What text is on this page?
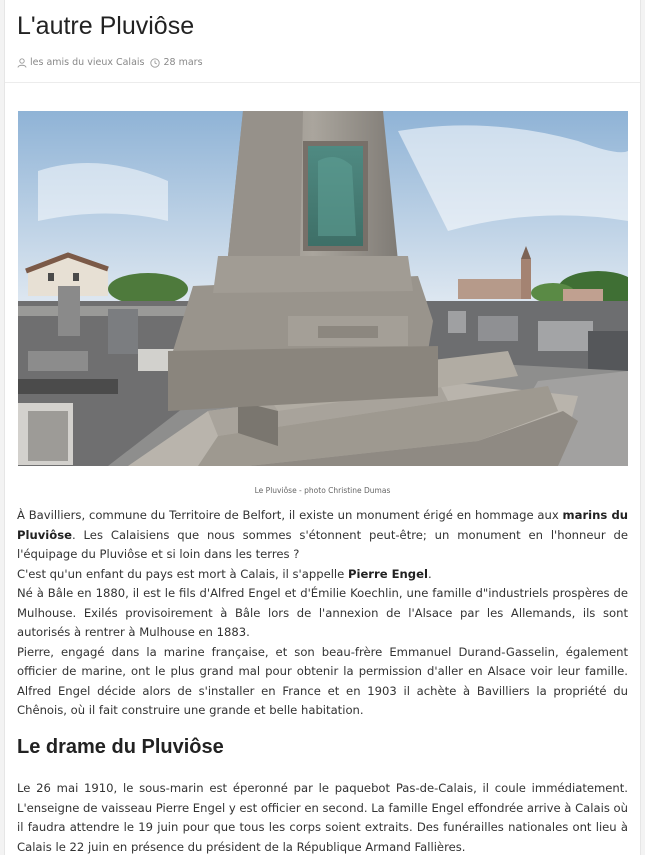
L'autre Pluviôse
les amis du vieux Calais 28 mars
Le Pluviôse - photo Christine Dumas

À Bavilliers, commune du Territoire de Belfort, il existe un monument érigé en hommage aux marins du Pluviôse. Les Calaisiens que nous sommes s'étonnent peut-être; un monument en l'honneur de l'équipage du Pluviôse et si loin dans les terres ?

C'est qu'un enfant du pays est mort à Calais, il s'appelle Pierre Engel.

Né à Bâle en 1880, il est le fils d'Alfred Engel et d'Émilie Koechlin, une famille d"industriels prospères de Mulhouse. Exilés provisoirement à Bâle lors de l'annexion de l'Alsace par les Allemands, ils sont autorisés à rentrer à Mulhouse en 1883.

Pierre, engagé dans la marine française, et son beau-frère Emmanuel Durand-Gasselin, également officier de marine, ont le plus grand mal pour obtenir la permission d'aller en Alsace voir leur famille. Alfred Engel décide alors de s'installer en France et en 1903 il achète à Bavilliers la propriété du Chênois, où il fait construire une grande et belle habitation.

Le drame du Pluviôse

Le 26 mai 1910, le sous-marin est éperonné par le paquebot Pas-de-Calais, il coule immédiatement. L'enseigne de vaisseau Pierre Engel y est officier en second. La famille Engel effondrée arrive à Calais où il faudra attendre le 19 juin pour que tous les corps soient extraits. Des funérailles nationales ont lieu à Calais le 22 juin en présence du président de la République Armand Fallières.
